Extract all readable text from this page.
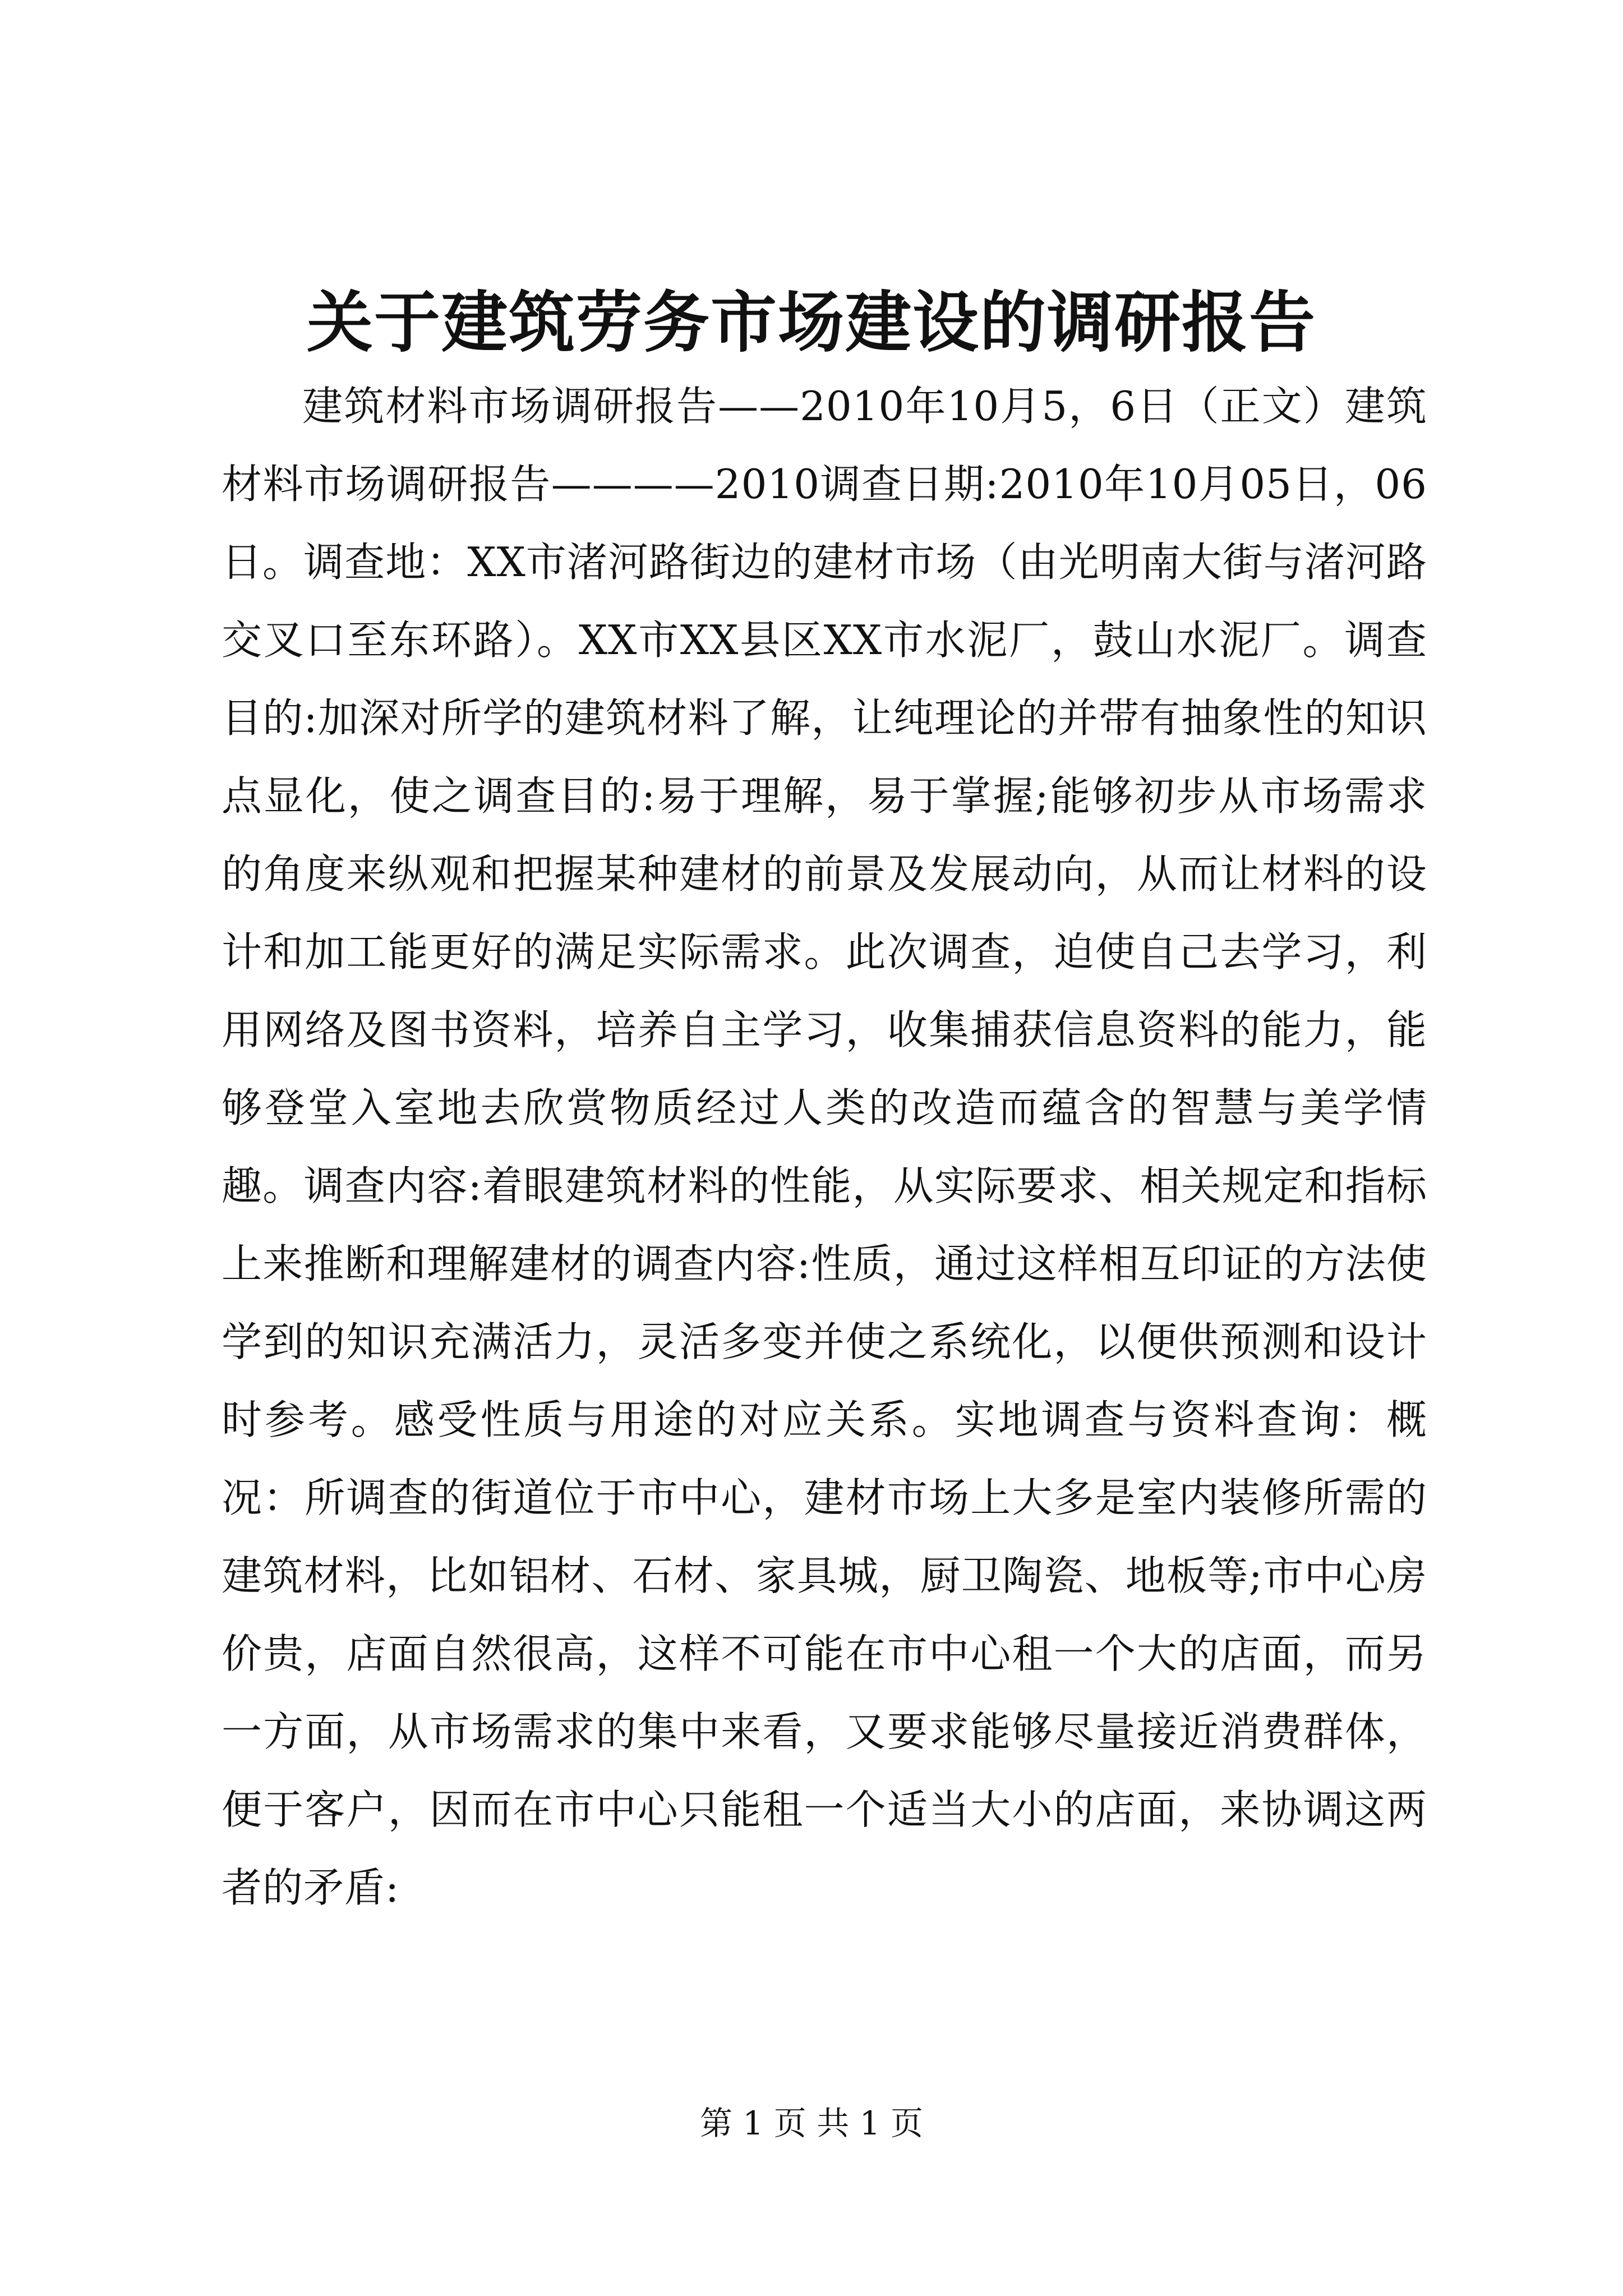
关于建筑劳务市场建设的调研报告

建筑材料市场调研报告——2010年10月5，6日（正文）建筑材料市场调研报告————2010调查日期:2010年10月05日，06日。调查地：XX市渚河路街边的建材市场（由光明南大街与渚河路交叉口至东环路）。XX市XX县区XX市水泥厂，鼓山水泥厂。调查目的:加深对所学的建筑材料了解，让纯理论的并带有抽象性的知识点显化，使之调查目的:易于理解，易于掌握;能够初步从市场需求的角度来纵观和把握某种建材的前景及发展动向，从而让材料的设计和加工能更好的满足实际需求。此次调查，迫使自己去学习，利用网络及图书资料，培养自主学习，收集捕获信息资料的能力，能够登堂入室地去欣赏物质经过人类的改造而蕴含的智慧与美学情趣。调查内容:着眼建筑材料的性能，从实际要求、相关规定和指标上来推断和理解建材的调查内容:性质，通过这样相互印证的方法使学到的知识充满活力，灵活多变并使之系统化，以便供预测和设计时参考。感受性质与用途的对应关系。实地调查与资料查询：概况：所调查的街道位于市中心，建材市场上大多是室内装修所需的建筑材料，比如铝材、石材、家具城，厨卫陶瓷、地板等;市中心房价贵，店面自然很高，这样不可能在市中心租一个大的店面，而另一方面，从市场需求的集中来看，又要求能够尽量接近消费群体，便于客户，因而在市中心只能租一个适当大小的店面，来协调这两者的矛盾:

第 1 页 共 1 页
